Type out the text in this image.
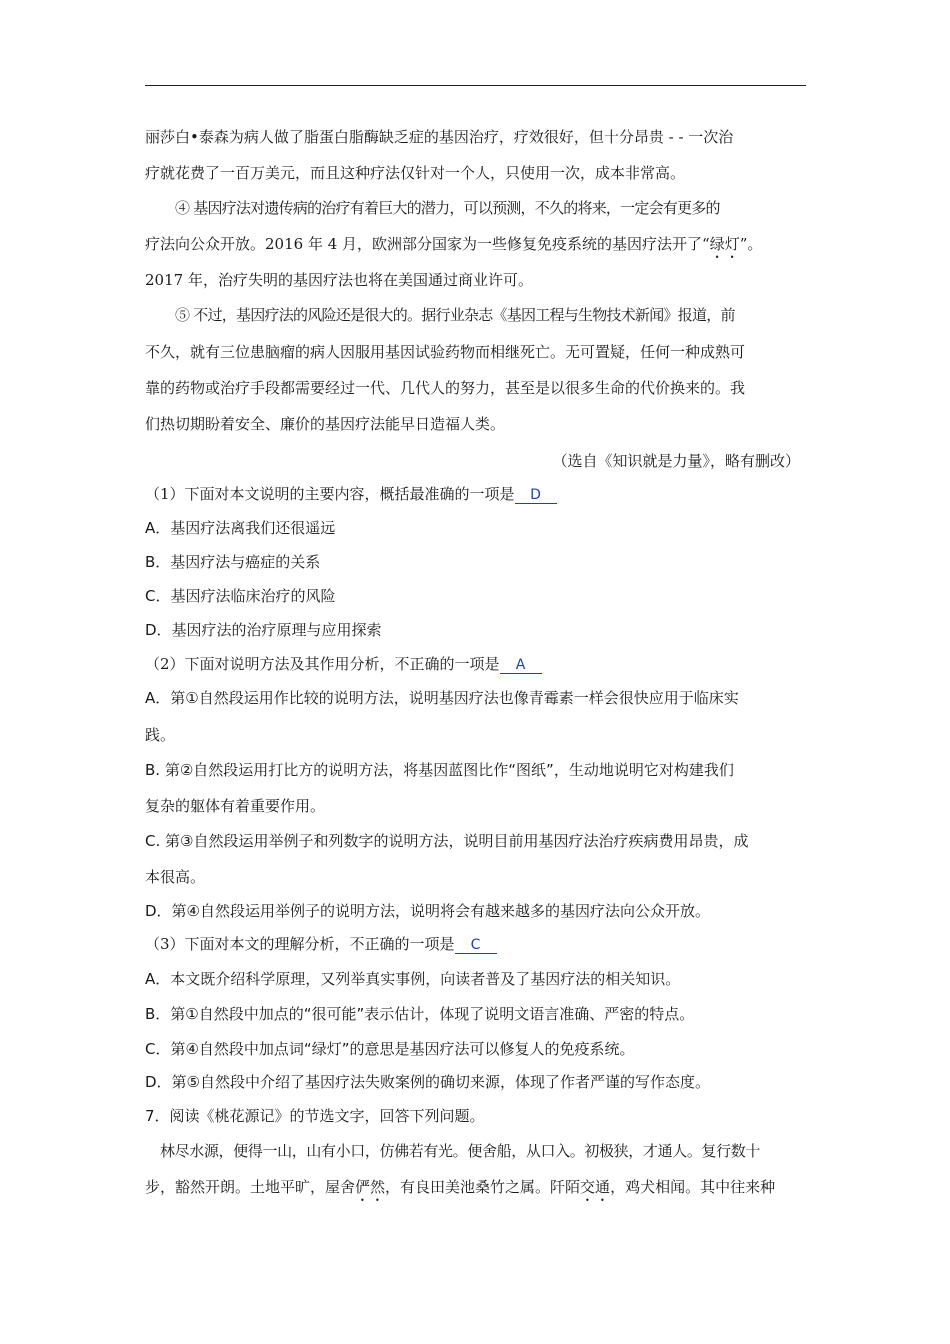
丽莎白•泰森为病人做了脂蛋白脂酶缺乏症的基因治疗，疗效很好，但十分昂贵 - - 一次治
疗就花费了一百万美元，而且这种疗法仅针对一个人，只使用一次，成本非常高。
④ 基因疗法对遗传病的治疗有着巨大的潜力，可以预测，不久的将来，一定会有更多的
疗法向公众开放。2016 年 4 月，欧洲部分国家为一些修复免疫系统的基因疗法开了“绿灯”。
2017 年，治疗失明的基因疗法也将在美国通过商业许可。
⑤ 不过，基因疗法的风险还是很大的。据行业杂志《基因工程与生物技术新闻》报道，前
不久，就有三位患脑瘤的病人因服用基因试验药物而相继死亡。无可置疑，任何一种成熟可
靠的药物或治疗手段都需要经过一代、几代人的努力，甚至是以很多生命的代价换来的。我
们热切期盼着安全、廉价的基因疗法能早日造福人类。
（选自《知识就是力量》，略有删改）
（1）下面对本文说明的主要内容，概括最准确的一项是 D
A．基因疗法离我们还很遥远
B．基因疗法与癌症的关系
C．基因疗法临床治疗的风险
D．基因疗法的治疗原理与应用探索
（2）下面对说明方法及其作用分析，不正确的一项是 A
A．第①自然段运用作比较的说明方法，说明基因疗法也像青霉素一样会很快应用于临床实
践。
B. 第②自然段运用打比方的说明方法，将基因蓝图比作“图纸”，生动地说明它对构建我们
复杂的躯体有着重要作用。
C. 第③自然段运用举例子和列数字的说明方法，说明目前用基因疗法治疗疾病费用昂贵，成
本很高。
D．第④自然段运用举例子的说明方法，说明将会有越来越多的基因疗法向公众开放。
（3）下面对本文的理解分析，不正确的一项是 C
A．本文既介绍科学原理，又列举真实事例，向读者普及了基因疗法的相关知识。
B．第①自然段中加点的“很可能”表示估计，体现了说明文语言准确、严密的特点。
C．第④自然段中加点词“绿灯”的意思是基因疗法可以修复人的免疫系统。
D．第⑤自然段中介绍了基因疗法失败案例的确切来源，体现了作者严谨的写作态度。
7．阅读《桃花源记》的节选文字，回答下列问题。
林尽水源，便得一山，山有小口，仿佛若有光。便舍船，从口入。初极狭，才通人。复行数十
步，豁然开朗。土地平旷，屋舍俨然，有良田美池桑竹之属。阡陌交通，鸡犬相闻。其中往来种
